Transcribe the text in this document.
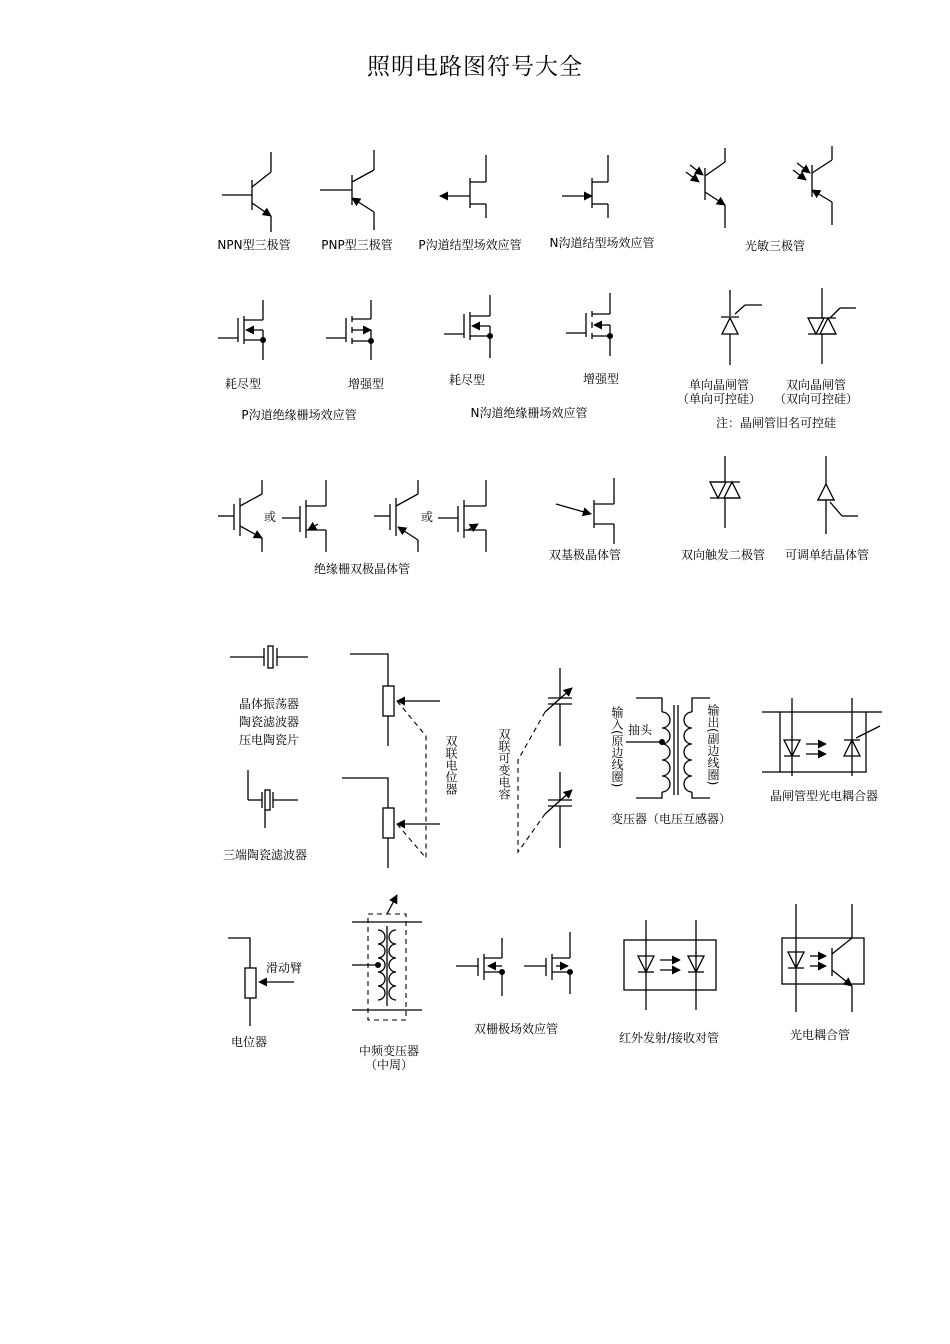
照明电路图符号大全
NPN型三极管	PNP型三极管 P沟道结型场效应管 N沟道结型场效应管	光敏三极管
耗尽型	增强型	耗尽型	增强型
P沟道绝缘栅场效应管	N沟道绝缘栅场效应管
单向晶闸管
（单向可控硅）
双向晶闸管
（双向可控硅）
注：晶闸管旧名可控硅
或	或
绝缘栅双极晶体管
双基极晶体管	双向触发二极管 可调单结晶体管
晶体振荡器
陶瓷滤波器
压电陶瓷片	双联电位器	双联可变电容	输入(原边线圈) 抽头	输出(副边线圈)
变压器（电压互感器）
晶闸管型光电耦合器
三端陶瓷滤波器
滑动臂
电位器
中频变压器
（中周）
双栅极场效应管
红外发射/接收对管	光电耦合管
